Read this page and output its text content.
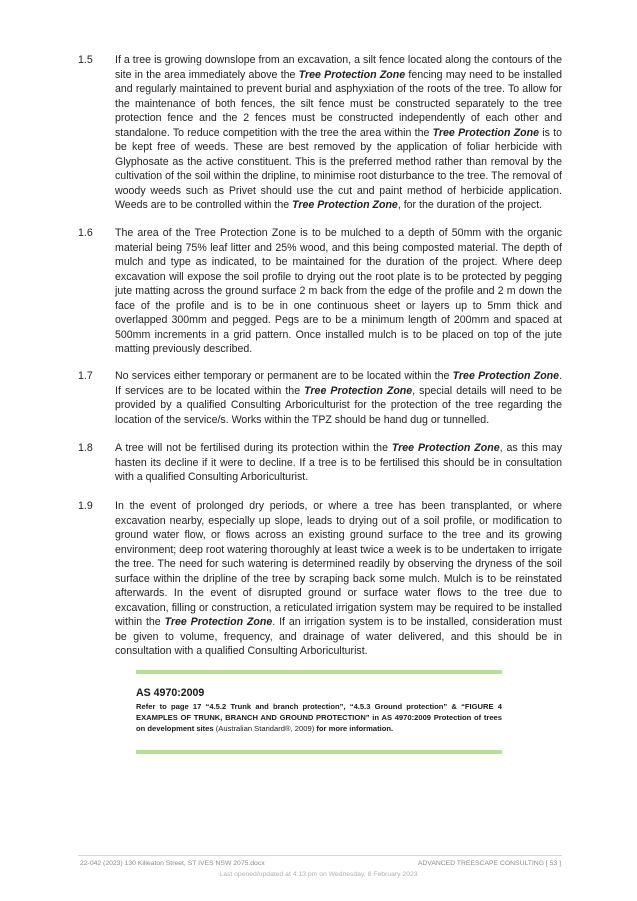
1.5 If a tree is growing downslope from an excavation, a silt fence located along the contours of the site in the area immediately above the Tree Protection Zone fencing may need to be installed and regularly maintained to prevent burial and asphyxiation of the roots of the tree. To allow for the maintenance of both fences, the silt fence must be constructed separately to the tree protection fence and the 2 fences must be constructed independently of each other and standalone. To reduce competition with the tree the area within the Tree Protection Zone is to be kept free of weeds. These are best removed by the application of foliar herbicide with Glyphosate as the active constituent. This is the preferred method rather than removal by the cultivation of the soil within the dripline, to minimise root disturbance to the tree. The removal of woody weeds such as Privet should use the cut and paint method of herbicide application. Weeds are to be controlled within the Tree Protection Zone, for the duration of the project.
1.6 The area of the Tree Protection Zone is to be mulched to a depth of 50mm with the organic material being 75% leaf litter and 25% wood, and this being composted material. The depth of mulch and type as indicated, to be maintained for the duration of the project. Where deep excavation will expose the soil profile to drying out the root plate is to be protected by pegging jute matting across the ground surface 2 m back from the edge of the profile and 2 m down the face of the profile and is to be in one continuous sheet or layers up to 5mm thick and overlapped 300mm and pegged. Pegs are to be a minimum length of 200mm and spaced at 500mm increments in a grid pattern. Once installed mulch is to be placed on top of the jute matting previously described.
1.7 No services either temporary or permanent are to be located within the Tree Protection Zone. If services are to be located within the Tree Protection Zone, special details will need to be provided by a qualified Consulting Arboriculturist for the protection of the tree regarding the location of the service/s. Works within the TPZ should be hand dug or tunnelled.
1.8 A tree will not be fertilised during its protection within the Tree Protection Zone, as this may hasten its decline if it were to decline. If a tree is to be fertilised this should be in consultation with a qualified Consulting Arboriculturist.
1.9 In the event of prolonged dry periods, or where a tree has been transplanted, or where excavation nearby, especially up slope, leads to drying out of a soil profile, or modification to ground water flow, or flows across an existing ground surface to the tree and its growing environment; deep root watering thoroughly at least twice a week is to be undertaken to irrigate the tree. The need for such watering is determined readily by observing the dryness of the soil surface within the dripline of the tree by scraping back some mulch. Mulch is to be reinstated afterwards. In the event of disrupted ground or surface water flows to the tree due to excavation, filling or construction, a reticulated irrigation system may be required to be installed within the Tree Protection Zone. If an irrigation system is to be installed, consideration must be given to volume, frequency, and drainage of water delivered, and this should be in consultation with a qualified Consulting Arboriculturist.
AS 4970:2009
Refer to page 17 “4.5.2 Trunk and branch protection”, “4.5.3 Ground protection” & “FIGURE 4 EXAMPLES OF TRUNK, BRANCH AND GROUND PROTECTION” in AS 4970:2009 Protection of trees on development sites (Australian Standard®, 2009) for more information.
22-042 (2023) 130 Killeaton Street, ST IVES NSW 2075.docx	ADVANCED TREESCAPE CONSULTING [ 53 ]
Last opened/updated at 4:13 pm on Wednesday, 8 February 2023
